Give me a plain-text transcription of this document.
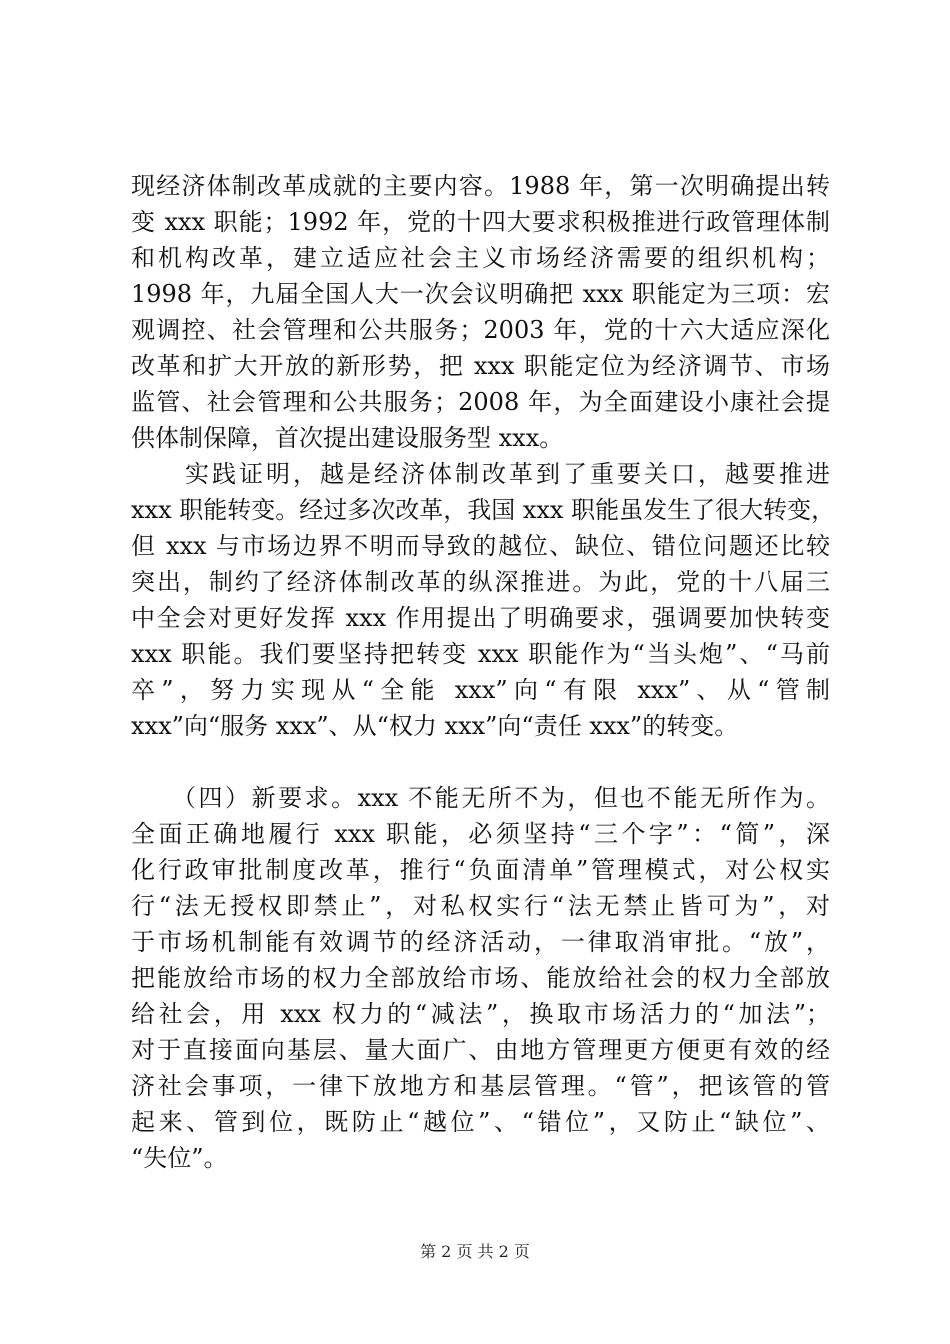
现经济体制改革成就的主要内容。1988 年，第一次明确提出转
变 xxx 职能；1992 年，党的十四大要求积极推进行政管理体制
和机构改革，建立适应社会主义市场经济需要的组织机构；
1998 年，九届全国人大一次会议明确把 xxx 职能定为三项：宏
观调控、社会管理和公共服务；2003 年，党的十六大适应深化
改革和扩大开放的新形势，把 xxx 职能定位为经济调节、市场
监管、社会管理和公共服务；2008 年，为全面建设小康社会提
供体制保障，首次提出建设服务型 xxx。
　　实践证明，越是经济体制改革到了重要关口，越要推进
xxx 职能转变。经过多次改革，我国 xxx 职能虽发生了很大转变，
但 xxx 与市场边界不明而导致的越位、缺位、错位问题还比较
突出，制约了经济体制改革的纵深推进。为此，党的十八届三
中全会对更好发挥 xxx 作用提出了明确要求，强调要加快转变
xxx 职能。我们要坚持把转变 xxx 职能作为“当头炮”、“马前
卒”，努力实现从“全能 xxx”向“有限 xxx”、从“管制
xxx”向“服务 xxx”、从“权力 xxx”向“责任 xxx”的转变。
　　（四）新要求。xxx 不能无所不为，但也不能无所作为。
全面正确地履行 xxx 职能，必须坚持“三个字”：“简”，深
化行政审批制度改革，推行“负面清单”管理模式，对公权实
行“法无授权即禁止”，对私权实行“法无禁止皆可为”，对
于市场机制能有效调节的经济活动，一律取消审批。“放”，
把能放给市场的权力全部放给市场、能放给社会的权力全部放
给社会，用 xxx 权力的“减法”，换取市场活力的“加法”；
对于直接面向基层、量大面广、由地方管理更方便更有效的经
济社会事项，一律下放地方和基层管理。“管”，把该管的管
起来、管到位，既防止“越位”、“错位”，又防止“缺位”、
“失位”。
第 2 页 共 2 页
